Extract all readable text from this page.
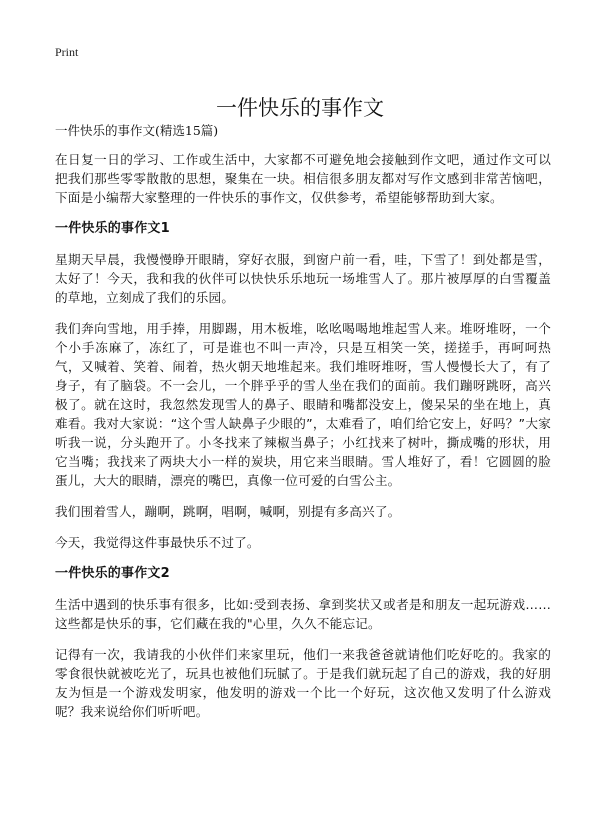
Print
一件快乐的事作文
一件快乐的事作文(精选15篇)

在日复一日的学习、工作或生活中，大家都不可避免地会接触到作文吧，通过作文可以把我们那些零零散散的思想，聚集在一块。相信很多朋友都对写作文感到非常苦恼吧，下面是小编帮大家整理的一件快乐的事作文，仅供参考，希望能够帮助到大家。

一件快乐的事作文1

星期天早晨，我慢慢睁开眼睛，穿好衣服，到窗户前一看，哇，下雪了！到处都是雪，太好了！今天，我和我的伙伴可以快快乐乐地玩一场堆雪人了。那片被厚厚的白雪覆盖的草地，立刻成了我们的乐园。

我们奔向雪地，用手捧，用脚踢，用木板堆，吆吆喝喝地堆起雪人来。堆呀堆呀，一个个小手冻麻了，冻红了，可是谁也不叫一声冷，只是互相笑一笑，搓搓手，再呵呵热气，又喊着、笑着、闹着，热火朝天地堆起来。我们堆呀堆呀，雪人慢慢长大了，有了身子，有了脑袋。不一会儿，一个胖乎乎的雪人坐在我们的面前。我们蹦呀跳呀，高兴极了。就在这时，我忽然发现雪人的鼻子、眼睛和嘴都没安上，傻呆呆的坐在地上，真难看。我对大家说：“这个雪人缺鼻子少眼的”，太难看了，咱们给它安上，好吗？”大家听我一说，分头跑开了。小冬找来了辣椒当鼻子；小红找来了树叶，撕成嘴的形状，用它当嘴；我找来了两块大小一样的炭块，用它来当眼睛。雪人堆好了，看！它圆圆的脸蛋儿，大大的眼睛，漂亮的嘴巴，真像一位可爱的白雪公主。

我们围着雪人，蹦啊，跳啊，唱啊，喊啊，别提有多高兴了。

今天，我觉得这件事最快乐不过了。

一件快乐的事作文2

生活中遇到的快乐事有很多，比如:受到表扬、拿到奖状又或者是和朋友一起玩游戏……这些都是快乐的事，它们藏在我的"心里，久久不能忘记。

记得有一次，我请我的小伙伴们来家里玩，他们一来我爸爸就请他们吃好吃的。我家的零食很快就被吃光了，玩具也被他们玩腻了。于是我们就玩起了自己的游戏，我的好朋友为恒是一个游戏发明家，他发明的游戏一个比一个好玩，这次他又发明了什么游戏呢？我来说给你们听听吧。
